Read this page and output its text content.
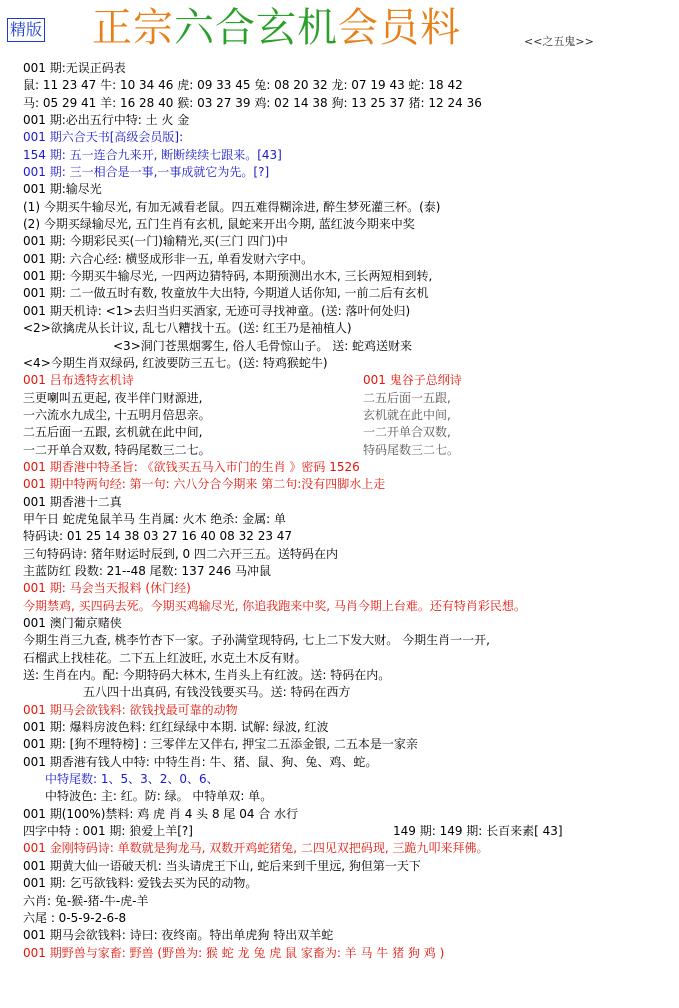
精版 正宗六合玄机会员料	<<之五鬼>>
001 期:无误正码表
鼠: 11 23 47 牛: 10 34 46 虎: 09 33 45 兔: 08 20 32 龙: 07 19 43 蛇: 18 42
马: 05 29 41 羊: 16 28 40 猴: 03 27 39 鸡: 02 14 38 狗: 13 25 37 猪: 12 24 36
001 期:必出五行中特: 土 火 金
001 期六合天书[高级会员版]:
154 期: 五一连合九来开, 断断续续七跟来。[43]
001 期: 三一相合是一事,一事成就它为先。[?]
001 期:输尽光
(1) 今期买牛输尽光, 有加无减看老鼠。四五难得糊涂进, 醉生梦死灌三杯。(泰)
(2) 今期买绿输尽光, 五门生肖有玄机, 鼠蛇来开出今期, 蓝红波今期来中奖
001 期: 今期彩民买(一门)输精光,买(三门 四门)中
001 期: 六合心经: 横竖成形非一五, 单看发财六字中。
001 期: 今期买牛输尽光, 一四两边猜特码, 本期预测出水木, 三长两短相到转,
001 期: 二一做五时有数, 牧童放牛大出特, 今期道人话你知, 一前二后有玄机
001 期天机诗: <1>去归当归买酒家, 无迹可寻找神童。(送: 落叶何处归)
<2>欲擒虎从长计议, 乱七八糟找十五。(送: 红王乃是袖植人)
<3>洞门苍黑烟雾生, 俗人毛骨惊山子。 送: 蛇鸡送财来
<4>今期生肖双绿码, 红波要防三五七。(送: 特鸡猴蛇牛)
001 吕布透特玄机诗	001 鬼谷子总纲诗
三更喇叫五更起, 夜半伴门财源进,	二五后面一五跟,
一六流水九成尘, 十五明月倍思亲。	玄机就在此中间,
二五后面一五跟, 玄机就在此中间,	一二开单合双数,
一二开单合双数, 特码尾数三二七。	特码尾数三二七。
001 期香港中特圣旨: 《欲钱买五马入市门的生肖 》密码 1526
001 期中特两句经: 第一句: 六八分合今期来 第二句:没有四脚水上走
001 期香港十二真
甲午日 蛇虎兔鼠羊马 生肖属: 火木 绝杀: 金属: 单
特码诀: 01 25 14 38 03 27 16 40 08 32 23 47
三句特码诗: 猪年财运时辰到, 0 四二六开三五。送特码在内
主蓝防红 段数: 21--48 尾数: 137 246 马冲鼠
001 期: 马会当天报料 (休门经)
今期禁鸡, 买四码去死。今期买鸡输尽光, 你追我跑来中奖, 马肖今期上台难。还有特肖彩民想。
001 澳门葡京赌侠
今期生肖三九查, 桃李竹杏下一家。子孙满堂现特码, 七上二下发大财。 今期生肖一一开,
石榴武上找桂花。二下五上红波旺, 水克土木反有财。
送: 生肖在内。配: 今期特码大林木, 生肖头上有红波。送: 特码在内。
五八四十出真码, 有钱没钱要买马。送: 特码在西方
001 期马会欲钱料: 欲钱找最可靠的动物
001 期: 爆料房波色料: 红红绿绿中本期. 试解: 绿波, 红波
001 期: [狗不理特榜] : 三零伴左又伴右, 押宝二五添金银, 二五本是一家亲
001 期香港有钱人中特: 中特生肖: 牛、猪、鼠、狗、兔、鸡、蛇。
中特尾数: 1、5、3、2、0、6、
中特波色: 主: 红。防: 绿。 中特单双: 单。
001 期(100%)禁料: 鸡 虎 肖 4 头 8 尾 04 合 水行
四字中特 : 001 期: 狼爱上羊[?]	149 期: 149 期: 长百来素[ 43]
001 金刚特码诗: 单数就是狗龙马, 双数开鸡蛇猪兔, 二四见双把码现, 三跪九叩来拜佛。
001 期黄大仙一语破天机: 当头请虎王下山, 蛇后来到千里远, 狗但第一天下
001 期: 乞丐欲钱料: 爱钱去买为民的动物。
六肖: 兔-猴-猪-牛-虎-羊
六尾 : 0-5-9-2-6-8
001 期马会欲钱料: 诗曰: 夜终南。特出单虎狗 特出双羊蛇
001 期野兽与家畜: 野兽 (野兽为: 猴 蛇 龙 兔 虎 鼠 家畜为: 羊 马 牛 猪 狗 鸡 )
